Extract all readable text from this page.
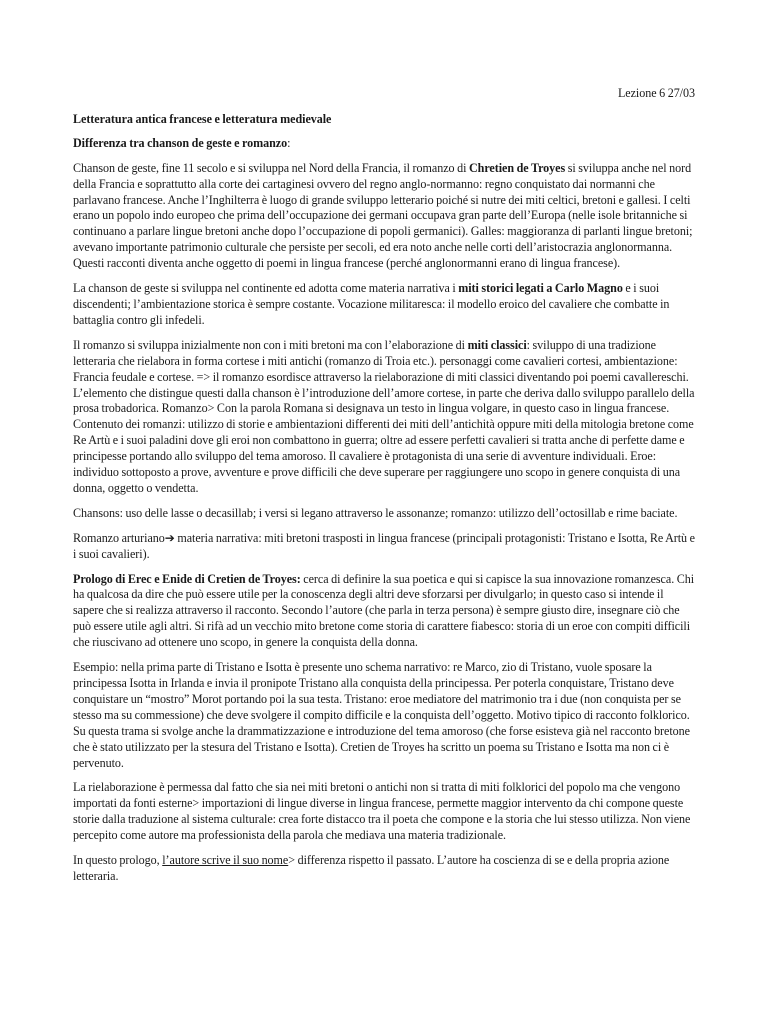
Lezione 6 27/03
Letteratura antica francese e letteratura medievale
Differenza tra chanson de geste e romanzo:
Chanson de geste, fine 11 secolo e si sviluppa nel Nord della Francia, il romanzo di Chretien de Troyes si sviluppa anche nel nord della Francia e soprattutto alla corte dei cartaginesi ovvero del regno anglo-normanno: regno conquistato dai normanni che parlavano francese. Anche l’Inghilterra è luogo di grande sviluppo letterario poiché si nutre dei miti celtici, bretoni e gallesi. I celti erano un popolo indo europeo che prima dell’occupazione dei germani occupava gran parte dell’Europa (nelle isole britanniche si continuano a parlare lingue bretoni anche dopo l’occupazione di popoli germanici). Galles: maggioranza di parlanti lingue bretoni; avevano importante patrimonio culturale che persiste per secoli, ed era noto anche nelle corti dell’aristocrazia anglonormanna. Questi racconti diventa anche oggetto di poemi in lingua francese (perché anglonormanni erano di lingua francese).
La chanson de geste si sviluppa nel continente ed adotta come materia narrativa i miti storici legati a Carlo Magno e i suoi discendenti; l’ambientazione storica è sempre costante. Vocazione militaresca: il modello eroico del cavaliere che combatte in battaglia contro gli infedeli.
Il romanzo si sviluppa inizialmente non con i miti bretoni ma con l’elaborazione di miti classici: sviluppo di una tradizione letteraria che rielabora in forma cortese i miti antichi (romanzo di Troia etc.). personaggi come cavalieri cortesi, ambientazione: Francia feudale e cortese. => il romanzo esordisce attraverso la rielaborazione di miti classici diventando poi poemi cavallereschi. L’elemento che distingue questi dalla chanson è l’introduzione dell’amore cortese, in parte che deriva dallo sviluppo parallelo della prosa trobadorica. Romanzo> Con la parola Romana si designava un testo in lingua volgare, in questo caso in lingua francese. Contenuto dei romanzi: utilizzo di storie e ambientazioni differenti dei miti dell’antichità oppure miti della mitologia bretone come Re Artù e i suoi paladini dove gli eroi non combattono in guerra; oltre ad essere perfetti cavalieri si tratta anche di perfette dame e principesse portando allo sviluppo del tema amoroso. Il cavaliere è protagonista di una serie di avventure individuali. Eroe: individuo sottoposto a prove, avventure e prove difficili che deve superare per raggiungere uno scopo in genere conquista di una donna, oggetto o vendetta.
Chansons: uso delle lasse o decasillab; i versi si legano attraverso le assonanze; romanzo: utilizzo dell’octosillab e rime baciate.
Romanzo arturiano➔ materia narrativa: miti bretoni trasposti in lingua francese (principali protagonisti: Tristano e Isotta, Re Artù e i suoi cavalieri).
Prologo di Erec e Enide di Cretien de Troyes: cerca di definire la sua poetica e qui si capisce la sua innovazione romanzesca. Chi ha qualcosa da dire che può essere utile per la conoscenza degli altri deve sforzarsi per divulgarlo; in questo caso si intende il sapere che si realizza attraverso il racconto. Secondo l’autore (che parla in terza persona) è sempre giusto dire, insegnare ciò che può essere utile agli altri. Si rifà ad un vecchio mito bretone come storia di carattere fiabesco: storia di un eroe con compiti difficili che riuscivano ad ottenere uno scopo, in genere la conquista della donna.
Esempio: nella prima parte di Tristano e Isotta è presente uno schema narrativo: re Marco, zio di Tristano, vuole sposare la principessa Isotta in Irlanda e invia il pronipote Tristano alla conquista della principessa. Per poterla conquistare, Tristano deve conquistare un “mostro” Morot portando poi la sua testa. Tristano: eroe mediatore del matrimonio tra i due (non conquista per se stesso ma su commessione) che deve svolgere il compito difficile e la conquista dell’oggetto. Motivo tipico di racconto folklorico. Su questa trama si svolge anche la drammatizzazione e introduzione del tema amoroso (che forse esisteva già nel racconto bretone che è stato utilizzato per la stesura del Tristano e Isotta). Cretien de Troyes ha scritto un poema su Tristano e Isotta ma non ci è pervenuto.
La rielaborazione è permessa dal fatto che sia nei miti bretoni o antichi non si tratta di miti folklorici del popolo ma che vengono importati da fonti esterne> importazioni di lingue diverse in lingua francese, permette maggior intervento da chi compone queste storie dalla traduzione al sistema culturale: crea forte distacco tra il poeta che compone e la storia che lui stesso utilizza. Non viene percepito come autore ma professionista della parola che mediava una materia tradizionale.
In questo prologo, l’autore scrive il suo nome> differenza rispetto il passato. L’autore ha coscienza di se e della propria azione letteraria.
